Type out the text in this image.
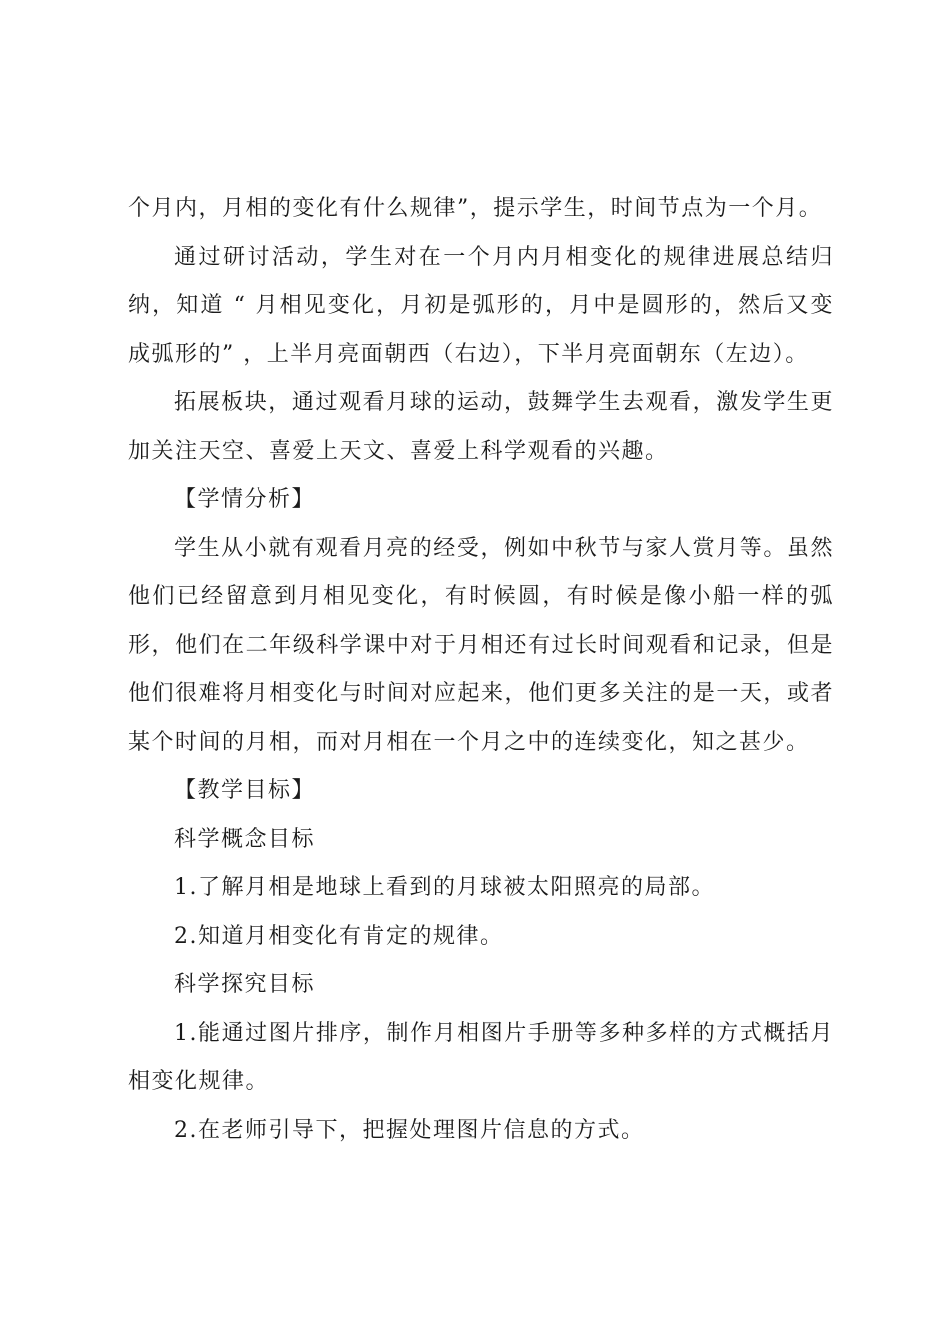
个月内，月相的变化有什么规律”，提示学生，时间节点为一个月。

通过研讨活动，学生对在一个月内月相变化的规律进展总结归纳，知道 “ 月相见变化，月初是弧形的，月中是圆形的，然后又变成弧形的” ，上半月亮面朝西（右边），下半月亮面朝东（左边）。

拓展板块，通过观看月球的运动，鼓舞学生去观看，激发学生更加关注天空、喜爱上天文、喜爱上科学观看的兴趣。

【学情分析】

学生从小就有观看月亮的经受，例如中秋节与家人赏月等。虽然他们已经留意到月相见变化，有时候圆，有时候是像小船一样的弧形，他们在二年级科学课中对于月相还有过长时间观看和记录，但是他们很难将月相变化与时间对应起来，他们更多关注的是一天，或者某个时间的月相，而对月相在一个月之中的连续变化，知之甚少。

【教学目标】

科学概念目标

1.了解月相是地球上看到的月球被太阳照亮的局部。

2.知道月相变化有肯定的规律。

科学探究目标

1.能通过图片排序，制作月相图片手册等多种多样的方式概括月相变化规律。

2.在老师引导下，把握处理图片信息的方式。
